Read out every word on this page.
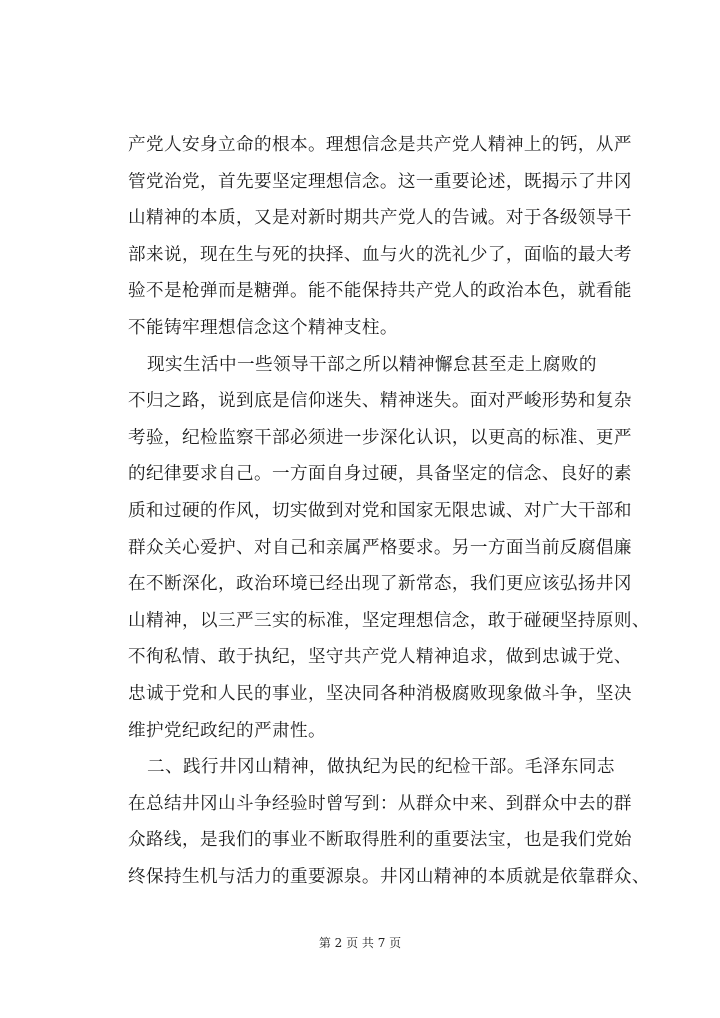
产党人安身立命的根本。理想信念是共产党人精神上的钙，从严
管党治党，首先要坚定理想信念。这一重要论述，既揭示了井冈
山精神的本质，又是对新时期共产党人的告诫。对于各级领导干
部来说，现在生与死的抉择、血与火的洗礼少了，面临的最大考
验不是枪弹而是糖弹。能不能保持共产党人的政治本色，就看能
不能铸牢理想信念这个精神支柱。
现实生活中一些领导干部之所以精神懈怠甚至走上腐败的
不归之路，说到底是信仰迷失、精神迷失。面对严峻形势和复杂
考验，纪检监察干部必须进一步深化认识，以更高的标准、更严
的纪律要求自己。一方面自身过硬，具备坚定的信念、良好的素
质和过硬的作风，切实做到对党和国家无限忠诚、对广大干部和
群众关心爱护、对自己和亲属严格要求。另一方面当前反腐倡廉
在不断深化，政治环境已经出现了新常态，我们更应该弘扬井冈
山精神，以三严三实的标准，坚定理想信念，敢于碰硬坚持原则、
不徇私情、敢于执纪，坚守共产党人精神追求，做到忠诚于党、
忠诚于党和人民的事业，坚决同各种消极腐败现象做斗争，坚决
维护党纪政纪的严肃性。
二、践行井冈山精神，做执纪为民的纪检干部。毛泽东同志
在总结井冈山斗争经验时曾写到：从群众中来、到群众中去的群
众路线，是我们的事业不断取得胜利的重要法宝，也是我们党始
终保持生机与活力的重要源泉。井冈山精神的本质就是依靠群众、
第 2 页 共 7 页
